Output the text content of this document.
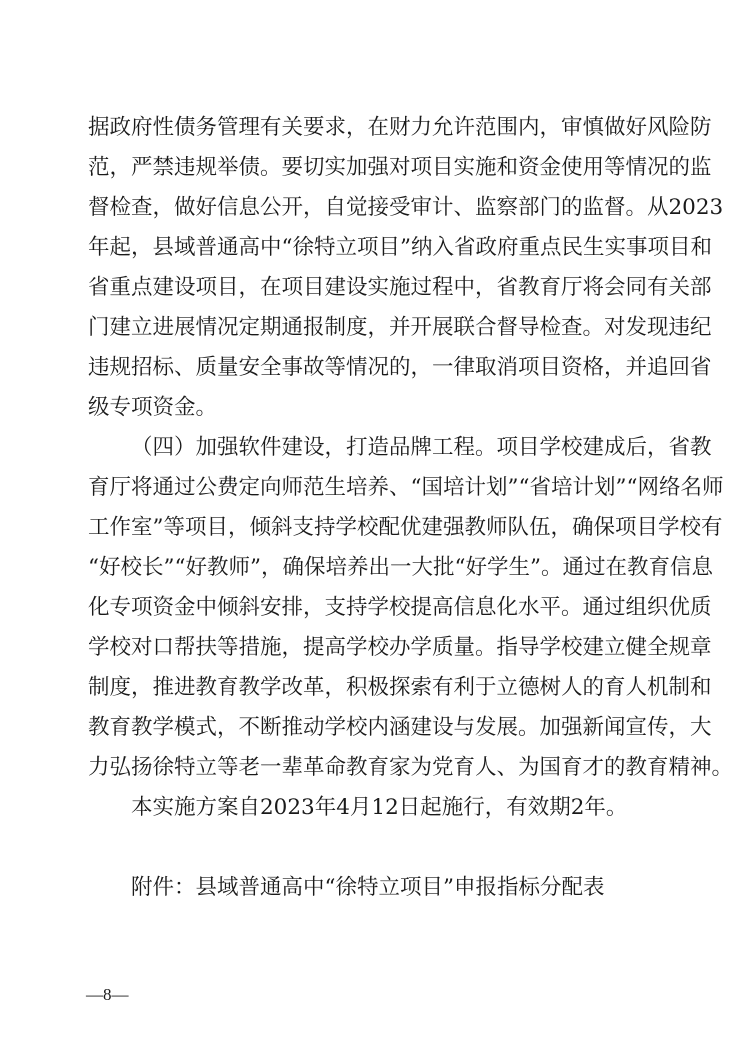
据政府性债务管理有关要求，在财力允许范围内，审慎做好风险防
范，严禁违规举债。要切实加强对项目实施和资金使用等情况的监
督检查，做好信息公开，自觉接受审计、监察部门的监督。从2023
年起，县域普通高中“徐特立项目”纳入省政府重点民生实事项目和
省重点建设项目，在项目建设实施过程中，省教育厅将会同有关部
门建立进展情况定期通报制度，并开展联合督导检查。对发现违纪
违规招标、质量安全事故等情况的，一律取消项目资格，并追回省
级专项资金。
（四）加强软件建设，打造品牌工程。 项目学校建成后，省教
育厅将通过公费定向师范生培养、“国培计划”“省培计划”“网络名师
工作室”等项目，倾斜支持学校配优建强教师队伍，确保项目学校有
“好校长”“好教师”，确保培养出一大批“好学生”。通过在教育信息
化专项资金中倾斜安排，支持学校提高信息化水平。通过组织优质
学校对口帮扶等措施，提高学校办学质量。指导学校建立健全规章
制度，推进教育教学改革，积极探索有利于立德树人的育人机制和
教育教学模式，不断推动学校内涵建设与发展。加强新闻宣传，大
力弘扬徐特立等老一辈革命教育家为党育人、为国育才的教育精神。
本实施方案自2023年4月12日起施行，有效期2年。
附件：县域普通高中“徐特立项目”申报指标分配表
—8—
